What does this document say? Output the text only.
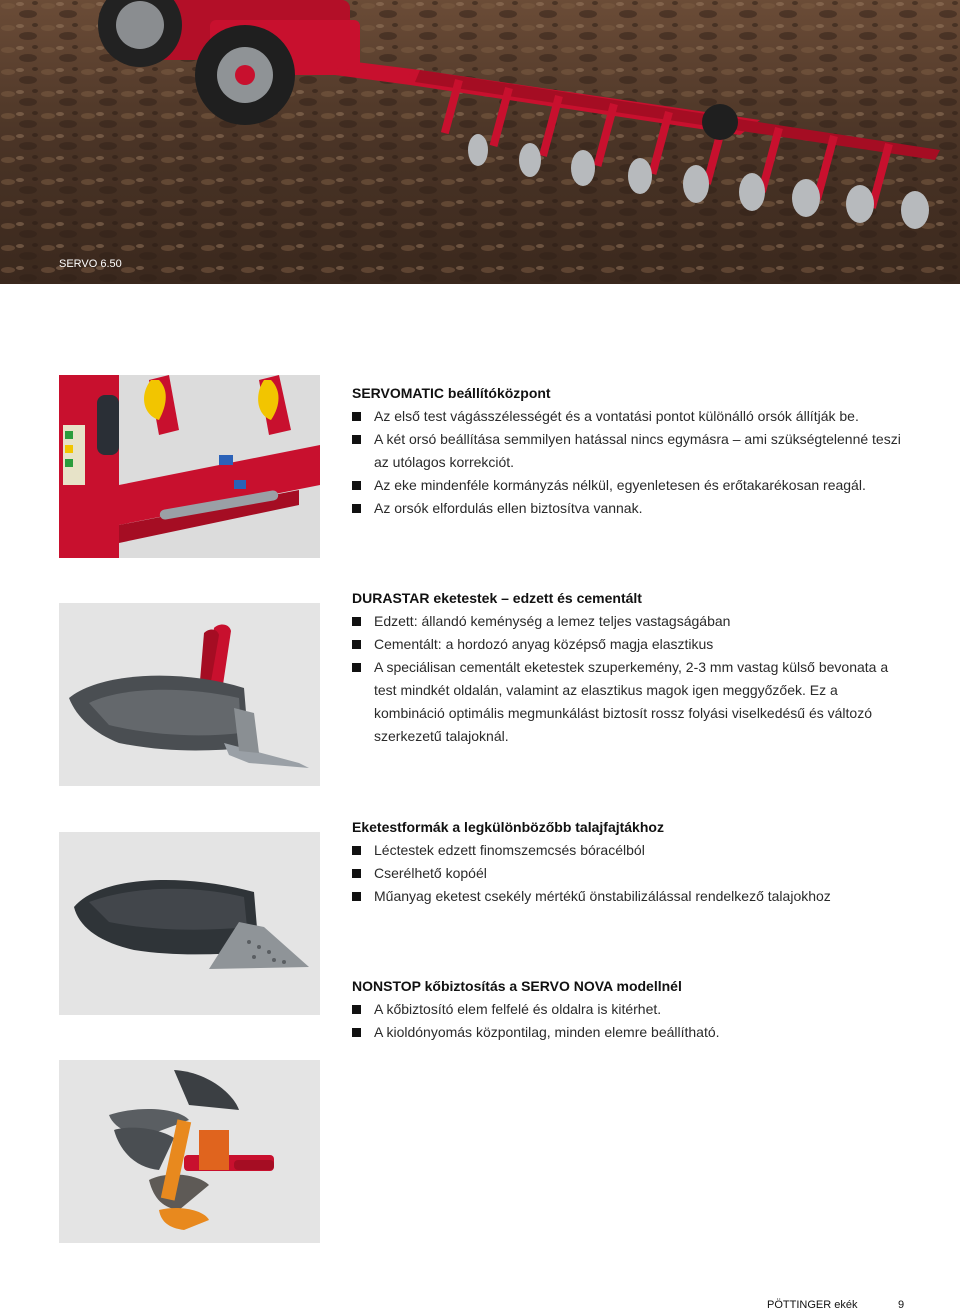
SERVO 6.50
SERVOMATIC beállítóközpont
Az első test vágásszélességét és a vontatási pontot különálló orsók állítják be.
A két orsó beállítása semmilyen hatással nincs egymásra – ami szükségtelenné teszi az utólagos korrekciót.
Az eke mindenféle kormányzás nélkül, egyenletesen és erőtakarékosan reagál.
Az orsók elfordulás ellen biztosítva vannak.
DURASTAR eketestek – edzett és cementált
Edzett: állandó keménység a lemez teljes vastagságában
Cementált: a hordozó anyag középső magja elasztikus
A speciálisan cementált eketestek szuperkemény, 2-3 mm vastag külső bevonata a test mindkét oldalán, valamint az elasztikus magok igen meggyőzőek. Ez a kombináció optimális megmunkálást biztosít rossz folyási viselkedésű és változó szerkezetű talajoknál.
Eketestformák a legkülönbözőbb talajfajtákhoz
Léctestek edzett finomszemcsés bóracélból
Cserélhető kopóél
Műanyag eketest csekély mértékű önstabilizálással rendelkező talajokhoz
NONSTOP kőbiztosítás a SERVO NOVA modellnél
A kőbiztosító elem felfelé és oldalra is kitérhet.
A kioldónyomás központilag, minden elemre beállítható.
PÖTTINGER ekék	9
